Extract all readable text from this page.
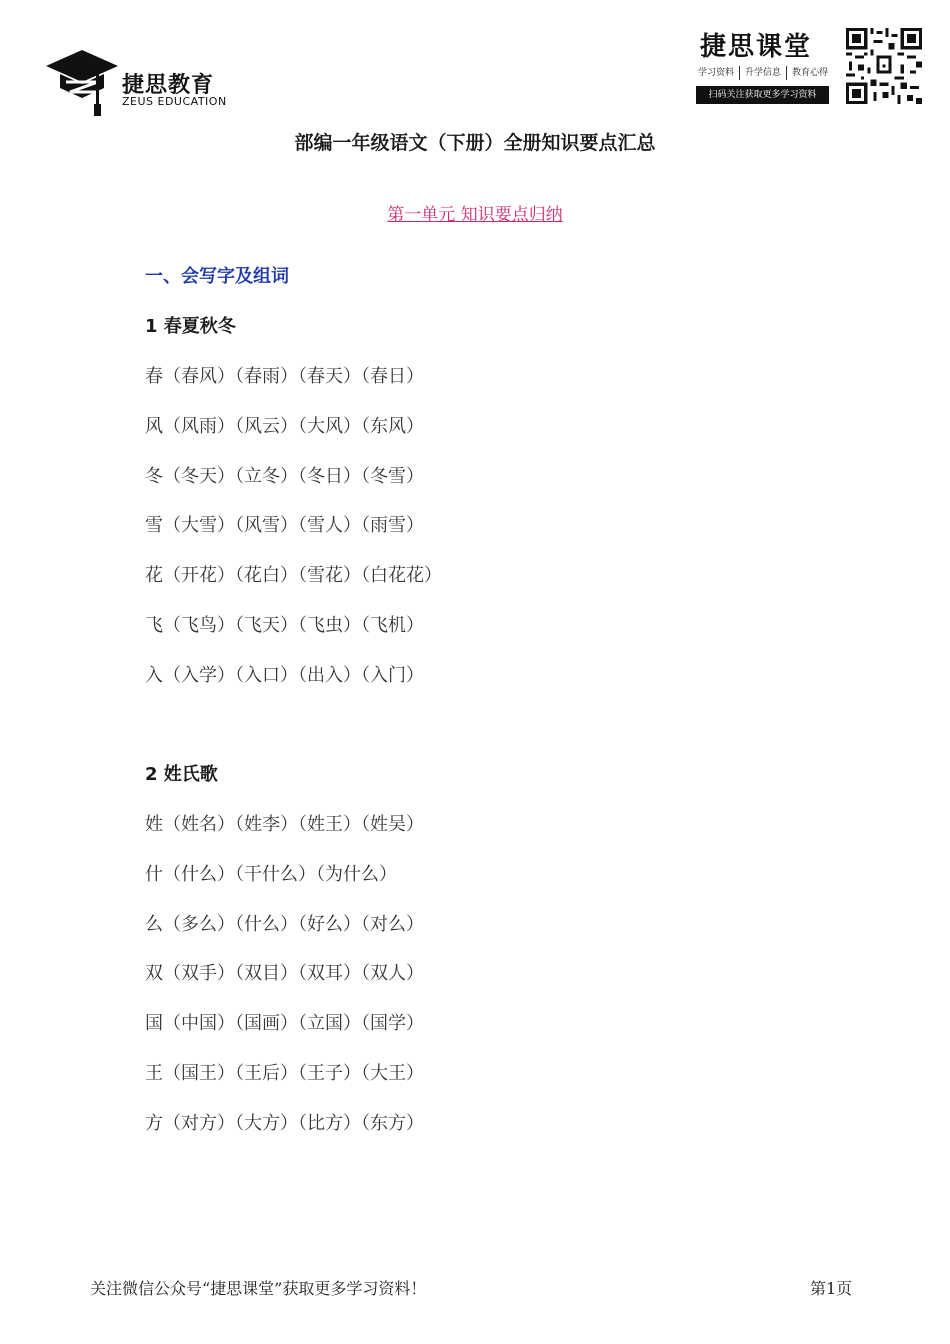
捷思教育
ZEUS EDUCATION
捷思课堂
学习资料 升学信息 教育心得
扫码关注获取更多学习资料
部编一年级语文（下册）全册知识要点汇总
第一单元 知识要点归纳
一、会写字及组词
1 春夏秋冬
春（春风）（春雨）（春天）（春日）
风（风雨）（风云）（大风）（东风）
冬（冬天）（立冬）（冬日）（冬雪）
雪（大雪）（风雪）（雪人）（雨雪）
花（开花）（花白）（雪花）（白花花）
飞（飞鸟）（飞天）（飞虫）（飞机）
入（入学）（入口）（出入）（入门）
2 姓氏歌
姓（姓名）（姓李）（姓王）（姓吴）
什（什么）（干什么）（为什么）
么（多么）（什么）（好么）（对么）
双（双手）（双目）（双耳）（双人）
国（中国）（国画）（立国）（国学）
王（国王）（王后）（王子）（大王）
方（对方）（大方）（比方）（东方）
关注微信公众号“捷思课堂”获取更多学习资料！	第1页
